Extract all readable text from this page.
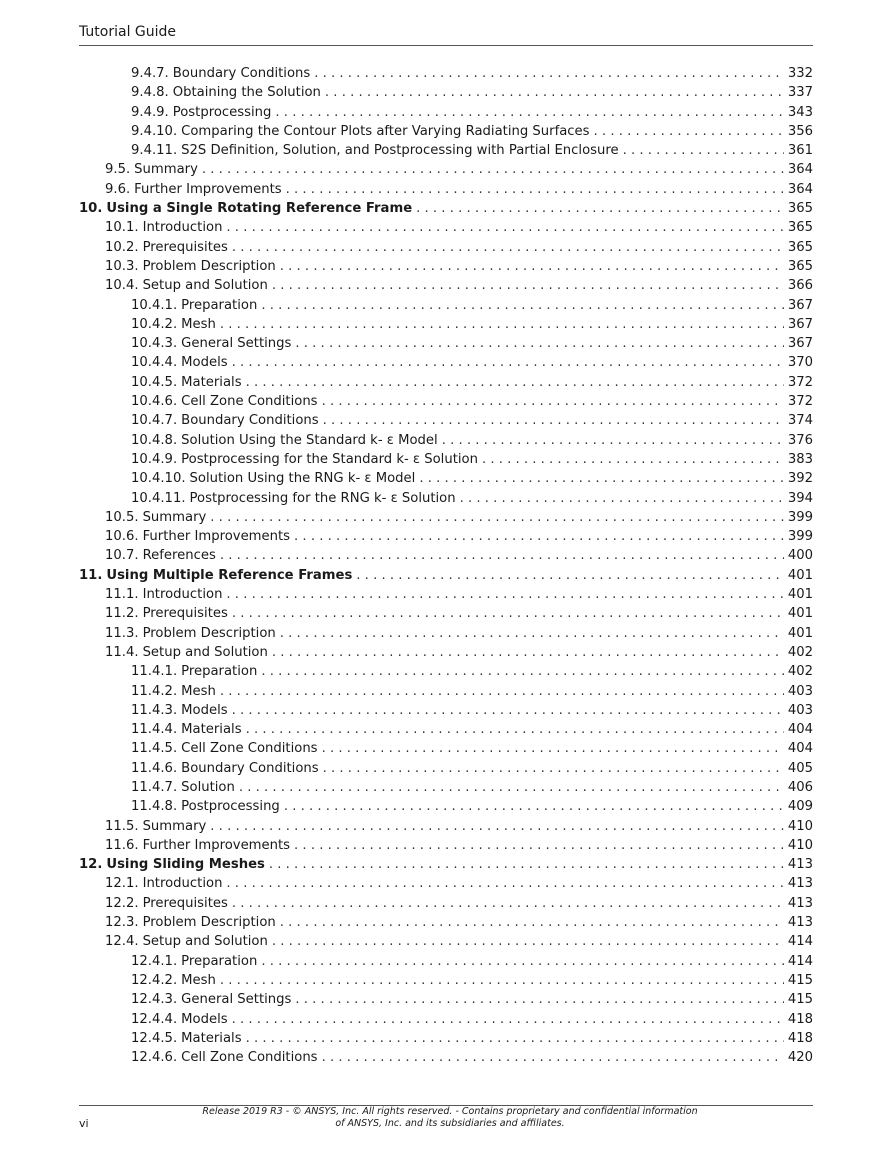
Tutorial Guide
9.4.7. Boundary Conditions . . .	332
9.4.8. Obtaining the Solution . . .	337
9.4.9. Postprocessing . . .	343
9.4.10. Comparing the Contour Plots after Varying Radiating Surfaces . . .	356
9.4.11. S2S Definition, Solution, and Postprocessing with Partial Enclosure . . .	361
9.5. Summary . . .	364
9.6. Further Improvements . . .	364
10. Using a Single Rotating Reference Frame . . .	365
10.1. Introduction . . .	365
10.2. Prerequisites . . .	365
10.3. Problem Description . . .	365
10.4. Setup and Solution . . .	366
10.4.1. Preparation . . .	367
10.4.2. Mesh . . .	367
10.4.3. General Settings . . .	367
10.4.4. Models . . .	370
10.4.5. Materials . . .	372
10.4.6. Cell Zone Conditions . . .	372
10.4.7. Boundary Conditions . . .	374
10.4.8. Solution Using the Standard k- ε Model . . .	376
10.4.9. Postprocessing for the Standard k- ε Solution . . .	383
10.4.10. Solution Using the RNG k- ε Model . . .	392
10.4.11. Postprocessing for the RNG k- ε Solution . . .	394
10.5. Summary . . .	399
10.6. Further Improvements . . .	399
10.7. References . . .	400
11. Using Multiple Reference Frames . . .	401
11.1. Introduction . . .	401
11.2. Prerequisites . . .	401
11.3. Problem Description . . .	401
11.4. Setup and Solution . . .	402
11.4.1. Preparation . . .	402
11.4.2. Mesh . . .	403
11.4.3. Models . . .	403
11.4.4. Materials . . .	404
11.4.5. Cell Zone Conditions . . .	404
11.4.6. Boundary Conditions . . .	405
11.4.7. Solution . . .	406
11.4.8. Postprocessing . . .	409
11.5. Summary . . .	410
11.6. Further Improvements . . .	410
12. Using Sliding Meshes . . .	413
12.1. Introduction . . .	413
12.2. Prerequisites . . .	413
12.3. Problem Description . . .	413
12.4. Setup and Solution . . .	414
12.4.1. Preparation . . .	414
12.4.2. Mesh . . .	415
12.4.3. General Settings . . .	415
12.4.4. Models . . .	418
12.4.5. Materials . . .	418
12.4.6. Cell Zone Conditions . . .	420
vi
Release 2019 R3 - © ANSYS, Inc. All rights reserved. - Contains proprietary and confidential information
of ANSYS, Inc. and its subsidiaries and affiliates.
